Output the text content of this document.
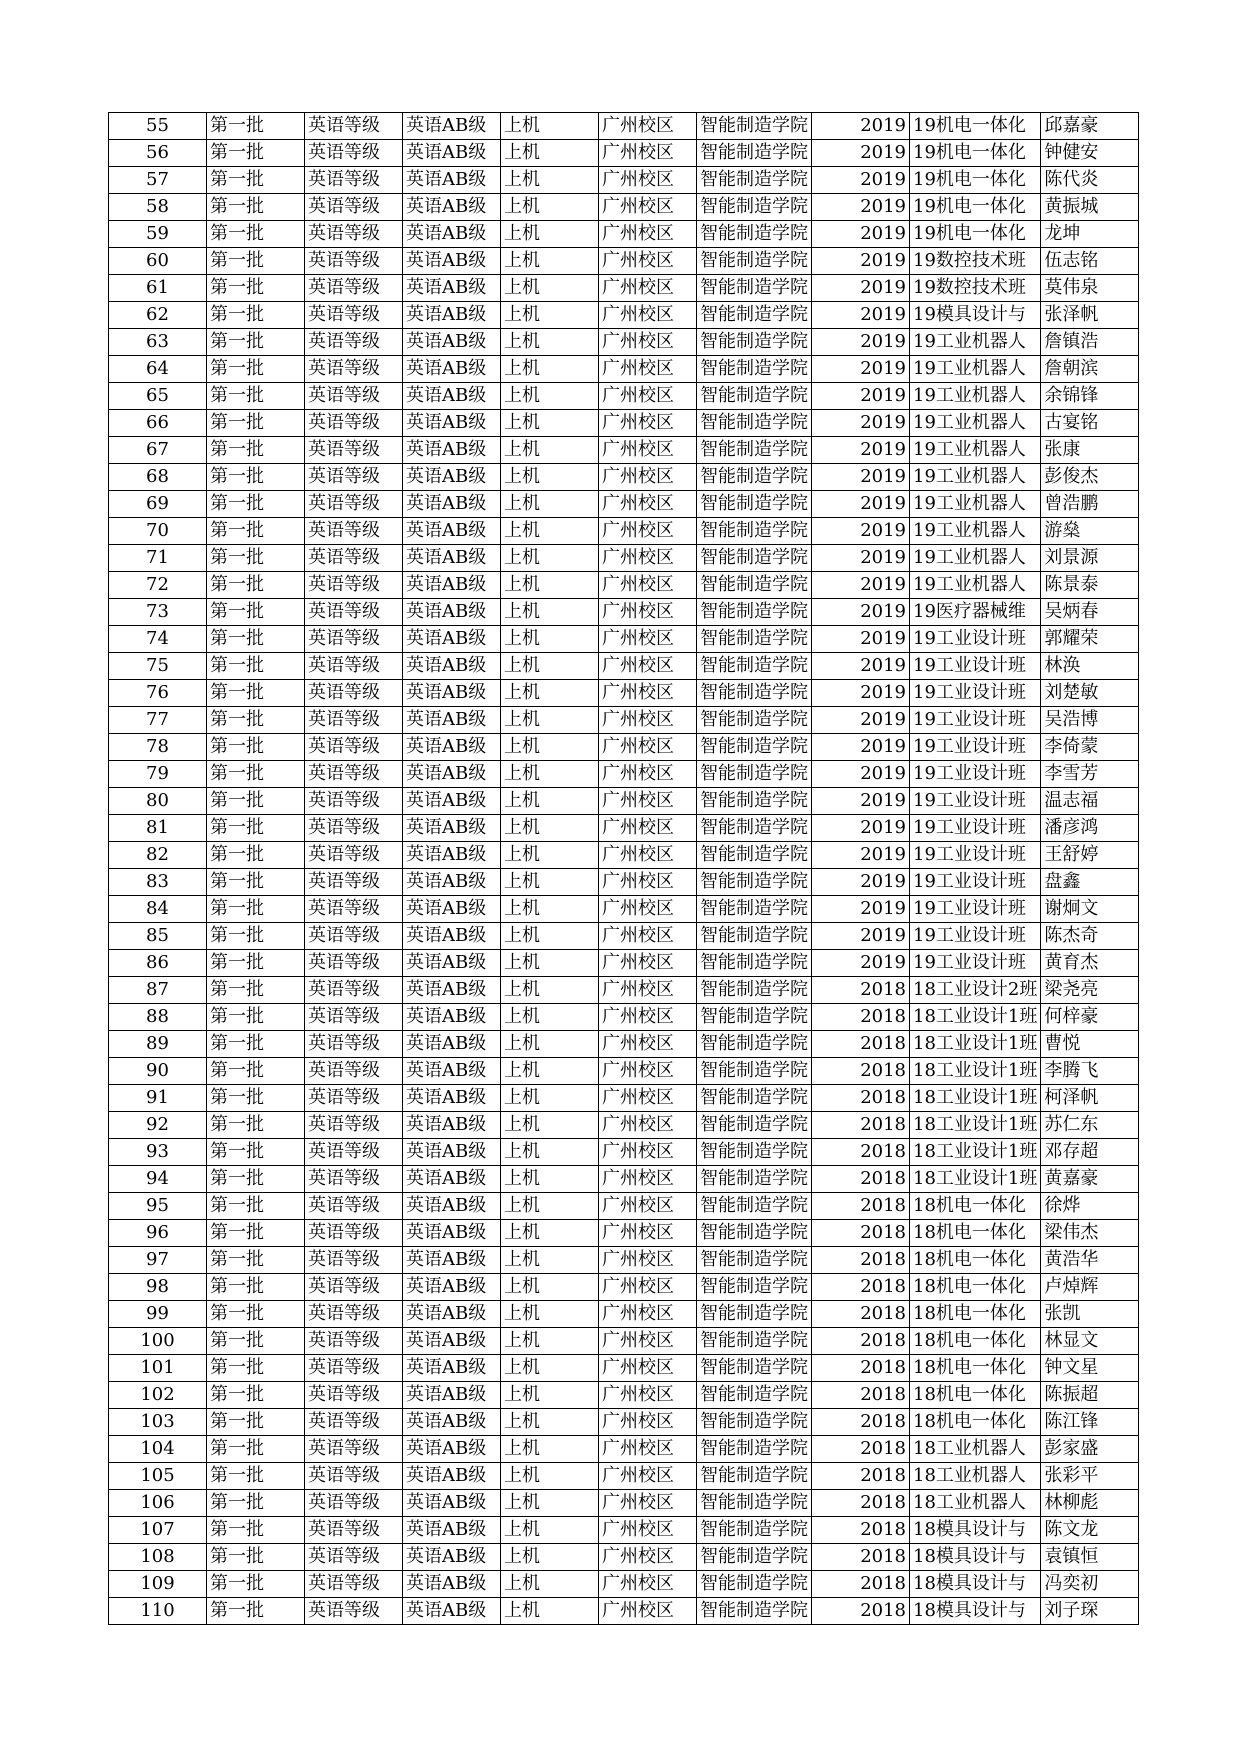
55	第一批	英语等级	英语AB级	上机	广州校区	智能制造学院	2019	19机电一体化	邱嘉豪
56	第一批	英语等级	英语AB级	上机	广州校区	智能制造学院	2019	19机电一体化	钟健安
57	第一批	英语等级	英语AB级	上机	广州校区	智能制造学院	2019	19机电一体化	陈代炎
58	第一批	英语等级	英语AB级	上机	广州校区	智能制造学院	2019	19机电一体化	黄振城
59	第一批	英语等级	英语AB级	上机	广州校区	智能制造学院	2019	19机电一体化	龙坤
60	第一批	英语等级	英语AB级	上机	广州校区	智能制造学院	2019	19数控技术班	伍志铭
61	第一批	英语等级	英语AB级	上机	广州校区	智能制造学院	2019	19数控技术班	莫伟泉
62	第一批	英语等级	英语AB级	上机	广州校区	智能制造学院	2019	19模具设计与	张泽帆
63	第一批	英语等级	英语AB级	上机	广州校区	智能制造学院	2019	19工业机器人	詹镇浩
64	第一批	英语等级	英语AB级	上机	广州校区	智能制造学院	2019	19工业机器人	詹朝滨
65	第一批	英语等级	英语AB级	上机	广州校区	智能制造学院	2019	19工业机器人	余锦锋
66	第一批	英语等级	英语AB级	上机	广州校区	智能制造学院	2019	19工业机器人	古宴铭
67	第一批	英语等级	英语AB级	上机	广州校区	智能制造学院	2019	19工业机器人	张康
68	第一批	英语等级	英语AB级	上机	广州校区	智能制造学院	2019	19工业机器人	彭俊杰
69	第一批	英语等级	英语AB级	上机	广州校区	智能制造学院	2019	19工业机器人	曾浩鹏
70	第一批	英语等级	英语AB级	上机	广州校区	智能制造学院	2019	19工业机器人	游燊
71	第一批	英语等级	英语AB级	上机	广州校区	智能制造学院	2019	19工业机器人	刘景源
72	第一批	英语等级	英语AB级	上机	广州校区	智能制造学院	2019	19工业机器人	陈景泰
73	第一批	英语等级	英语AB级	上机	广州校区	智能制造学院	2019	19医疗器械维	吴炳春
74	第一批	英语等级	英语AB级	上机	广州校区	智能制造学院	2019	19工业设计班	郭耀荣
75	第一批	英语等级	英语AB级	上机	广州校区	智能制造学院	2019	19工业设计班	林涣
76	第一批	英语等级	英语AB级	上机	广州校区	智能制造学院	2019	19工业设计班	刘楚敏
77	第一批	英语等级	英语AB级	上机	广州校区	智能制造学院	2019	19工业设计班	吴浩博
78	第一批	英语等级	英语AB级	上机	广州校区	智能制造学院	2019	19工业设计班	李倚蒙
79	第一批	英语等级	英语AB级	上机	广州校区	智能制造学院	2019	19工业设计班	李雪芳
80	第一批	英语等级	英语AB级	上机	广州校区	智能制造学院	2019	19工业设计班	温志福
81	第一批	英语等级	英语AB级	上机	广州校区	智能制造学院	2019	19工业设计班	潘彦鸿
82	第一批	英语等级	英语AB级	上机	广州校区	智能制造学院	2019	19工业设计班	王舒婷
83	第一批	英语等级	英语AB级	上机	广州校区	智能制造学院	2019	19工业设计班	盘鑫
84	第一批	英语等级	英语AB级	上机	广州校区	智能制造学院	2019	19工业设计班	谢炯文
85	第一批	英语等级	英语AB级	上机	广州校区	智能制造学院	2019	19工业设计班	陈杰奇
86	第一批	英语等级	英语AB级	上机	广州校区	智能制造学院	2019	19工业设计班	黄育杰
87	第一批	英语等级	英语AB级	上机	广州校区	智能制造学院	2018	18工业设计2班	梁尧亮
88	第一批	英语等级	英语AB级	上机	广州校区	智能制造学院	2018	18工业设计1班	何梓豪
89	第一批	英语等级	英语AB级	上机	广州校区	智能制造学院	2018	18工业设计1班	曹悦
90	第一批	英语等级	英语AB级	上机	广州校区	智能制造学院	2018	18工业设计1班	李腾飞
91	第一批	英语等级	英语AB级	上机	广州校区	智能制造学院	2018	18工业设计1班	柯泽帆
92	第一批	英语等级	英语AB级	上机	广州校区	智能制造学院	2018	18工业设计1班	苏仁东
93	第一批	英语等级	英语AB级	上机	广州校区	智能制造学院	2018	18工业设计1班	邓存超
94	第一批	英语等级	英语AB级	上机	广州校区	智能制造学院	2018	18工业设计1班	黄嘉豪
95	第一批	英语等级	英语AB级	上机	广州校区	智能制造学院	2018	18机电一体化	徐烨
96	第一批	英语等级	英语AB级	上机	广州校区	智能制造学院	2018	18机电一体化	梁伟杰
97	第一批	英语等级	英语AB级	上机	广州校区	智能制造学院	2018	18机电一体化	黄浩华
98	第一批	英语等级	英语AB级	上机	广州校区	智能制造学院	2018	18机电一体化	卢焯辉
99	第一批	英语等级	英语AB级	上机	广州校区	智能制造学院	2018	18机电一体化	张凯
100	第一批	英语等级	英语AB级	上机	广州校区	智能制造学院	2018	18机电一体化	林显文
101	第一批	英语等级	英语AB级	上机	广州校区	智能制造学院	2018	18机电一体化	钟文星
102	第一批	英语等级	英语AB级	上机	广州校区	智能制造学院	2018	18机电一体化	陈振超
103	第一批	英语等级	英语AB级	上机	广州校区	智能制造学院	2018	18机电一体化	陈江锋
104	第一批	英语等级	英语AB级	上机	广州校区	智能制造学院	2018	18工业机器人	彭家盛
105	第一批	英语等级	英语AB级	上机	广州校区	智能制造学院	2018	18工业机器人	张彩平
106	第一批	英语等级	英语AB级	上机	广州校区	智能制造学院	2018	18工业机器人	林柳彪
107	第一批	英语等级	英语AB级	上机	广州校区	智能制造学院	2018	18模具设计与	陈文龙
108	第一批	英语等级	英语AB级	上机	广州校区	智能制造学院	2018	18模具设计与	袁镇恒
109	第一批	英语等级	英语AB级	上机	广州校区	智能制造学院	2018	18模具设计与	冯奕初
110	第一批	英语等级	英语AB级	上机	广州校区	智能制造学院	2018	18模具设计与	刘子琛
